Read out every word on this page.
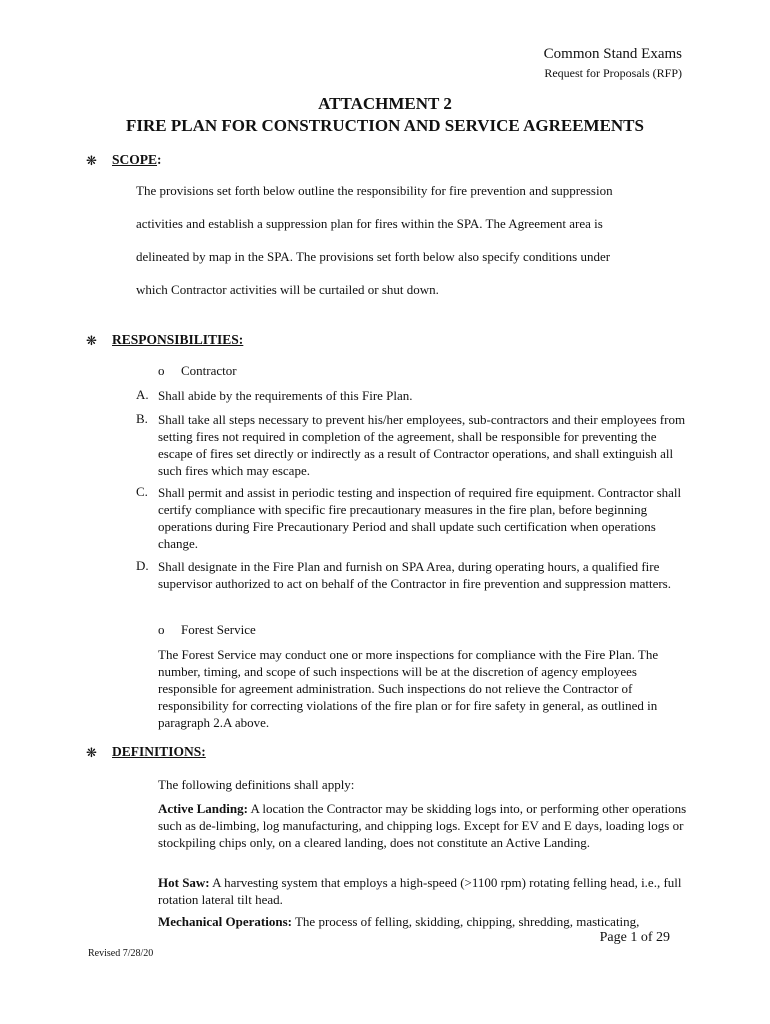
Common Stand Exams
Request for Proposals (RFP)
ATTACHMENT 2
FIRE PLAN FOR CONSTRUCTION AND SERVICE AGREEMENTS
❋ SCOPE:
The provisions set forth below outline the responsibility for fire prevention and suppression
activities and establish a suppression plan for fires within the SPA. The Agreement area is
delineated by map in the SPA. The provisions set forth below also specify conditions under
which Contractor activities will be curtailed or shut down.
❋ RESPONSIBILITIES:
o Contractor
A. Shall abide by the requirements of this Fire Plan.
B. Shall take all steps necessary to prevent his/her employees, sub-contractors and their employees from setting fires not required in completion of the agreement, shall be responsible for preventing the escape of fires set directly or indirectly as a result of Contractor operations, and shall extinguish all such fires which may escape.
C. Shall permit and assist in periodic testing and inspection of required fire equipment. Contractor shall certify compliance with specific fire precautionary measures in the fire plan, before beginning operations during Fire Precautionary Period and shall update such certification when operations change.
D. Shall designate in the Fire Plan and furnish on SPA Area, during operating hours, a qualified fire supervisor authorized to act on behalf of the Contractor in fire prevention and suppression matters.
o Forest Service
The Forest Service may conduct one or more inspections for compliance with the Fire Plan. The number, timing, and scope of such inspections will be at the discretion of agency employees responsible for agreement administration. Such inspections do not relieve the Contractor of responsibility for correcting violations of the fire plan or for fire safety in general, as outlined in paragraph 2.A above.
❋ DEFINITIONS:
The following definitions shall apply:
Active Landing: A location the Contractor may be skidding logs into, or performing other operations such as de-limbing, log manufacturing, and chipping logs. Except for EV and E days, loading logs or stockpiling chips only, on a cleared landing, does not constitute an Active Landing.
Hot Saw: A harvesting system that employs a high-speed (>1100 rpm) rotating felling head, i.e., full rotation lateral tilt head.
Mechanical Operations: The process of felling, skidding, chipping, shredding, masticating,
Page 1 of 29
Revised 7/28/20
